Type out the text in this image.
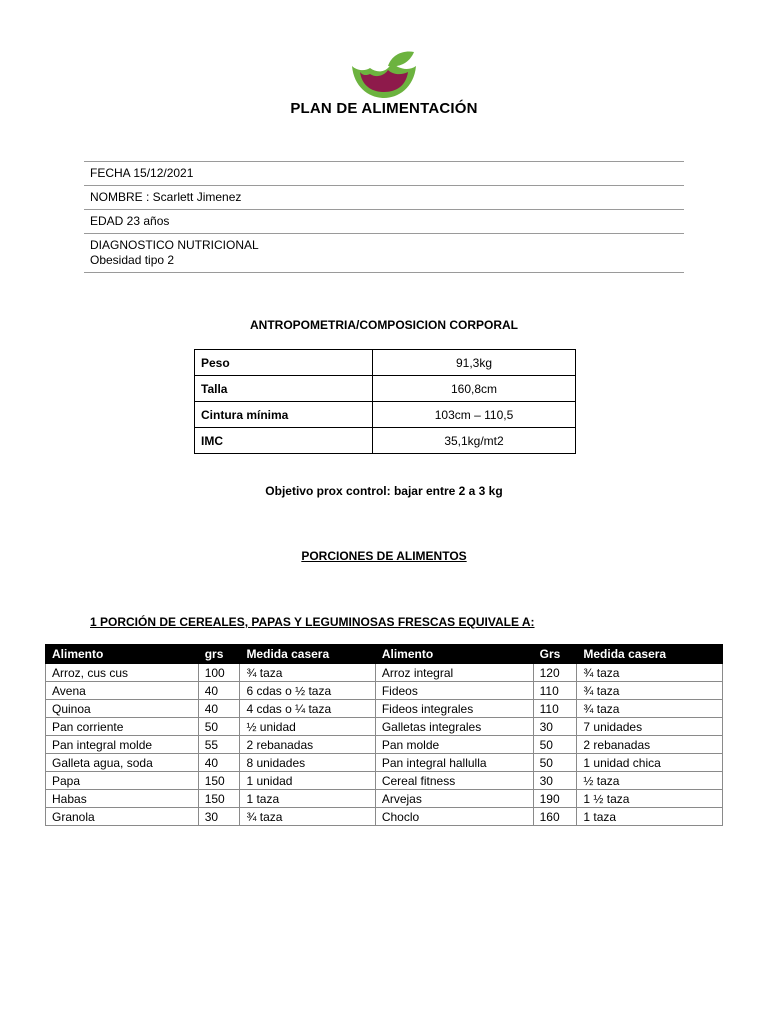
PLAN DE ALIMENTACIÓN
FECHA 15/12/2021
NOMBRE : Scarlett Jimenez
EDAD 23 años
DIAGNOSTICO NUTRICIONAL
Obesidad tipo 2
ANTROPOMETRIA/COMPOSICION CORPORAL
Peso	91,3kg
Talla	160,8cm
Cintura mínima	103cm – 110,5
IMC	35,1kg/mt2
Objetivo prox control: bajar entre 2 a 3 kg
PORCIONES DE ALIMENTOS
1 PORCIÓN DE CEREALES, PAPAS Y LEGUMINOSAS FRESCAS EQUIVALE A:
Alimento	grs	Medida casera	Alimento	Grs	Medida casera
Arroz, cus cus	100	¾ taza	Arroz integral	120	¾ taza
Avena	40	6 cdas o ½ taza	Fideos	110	¾ taza
Quinoa	40	4 cdas o ¼ taza	Fideos integrales	110	¾ taza
Pan corriente	50	½ unidad	Galletas integrales	30	7 unidades
Pan integral molde	55	2 rebanadas	Pan molde	50	2 rebanadas
Galleta agua, soda	40	8 unidades	Pan integral hallulla	50	1 unidad chica
Papa	150	1 unidad	Cereal fitness	30	½ taza
Habas	150	1 taza	Arvejas	190	1 ½ taza
Granola	30	¾ taza	Choclo	160	1 taza
